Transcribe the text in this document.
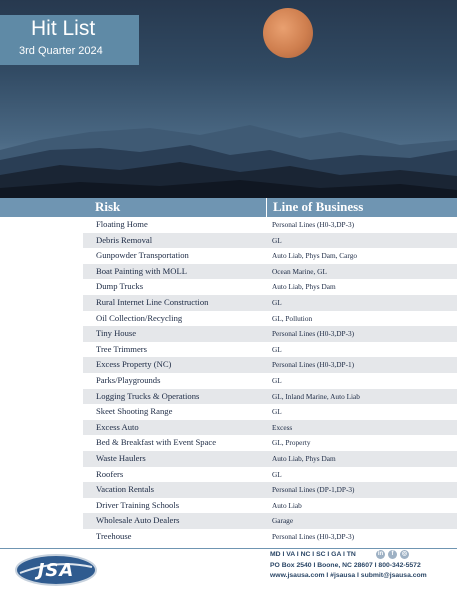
Hit List
3rd Quarter 2024
Risk	Line of Business
Floating Home	Personal Lines (H0-3,DP-3)
Debris Removal	GL
Gunpowder Transportation	Auto Liab, Phys Dam, Cargo
Boat Painting with MOLL	Ocean Marine, GL
Dump Trucks	Auto Liab, Phys Dam
Rural Internet Line Construction	GL
Oil Collection/Recycling	GL, Pollution
Tiny House	Personal Lines (H0-3,DP-3)
Tree Trimmers	GL
Excess Property (NC)	Personal Lines (H0-3,DP-1)
Parks/Playgrounds	GL
Logging Trucks & Operations	GL, Inland Marine, Auto Liab
Skeet Shooting Range	GL
Excess Auto	Excess
Bed & Breakfast with Event Space	GL, Property
Waste Haulers	Auto Liab, Phys Dam
Roofers	GL
Vacation Rentals	Personal Lines (DP-1,DP-3)
Driver Training Schools	Auto Liab
Wholesale Auto Dealers	Garage
Treehouse	Personal Lines (H0-3,DP-3)
JSA
MD I VA I NC I SC I GA I TN	in	f	◎
PO Box 2540 I Boone, NC 28607 I 800-342-5572
www.jsausa.com I #jsausa I submit@jsausa.com
